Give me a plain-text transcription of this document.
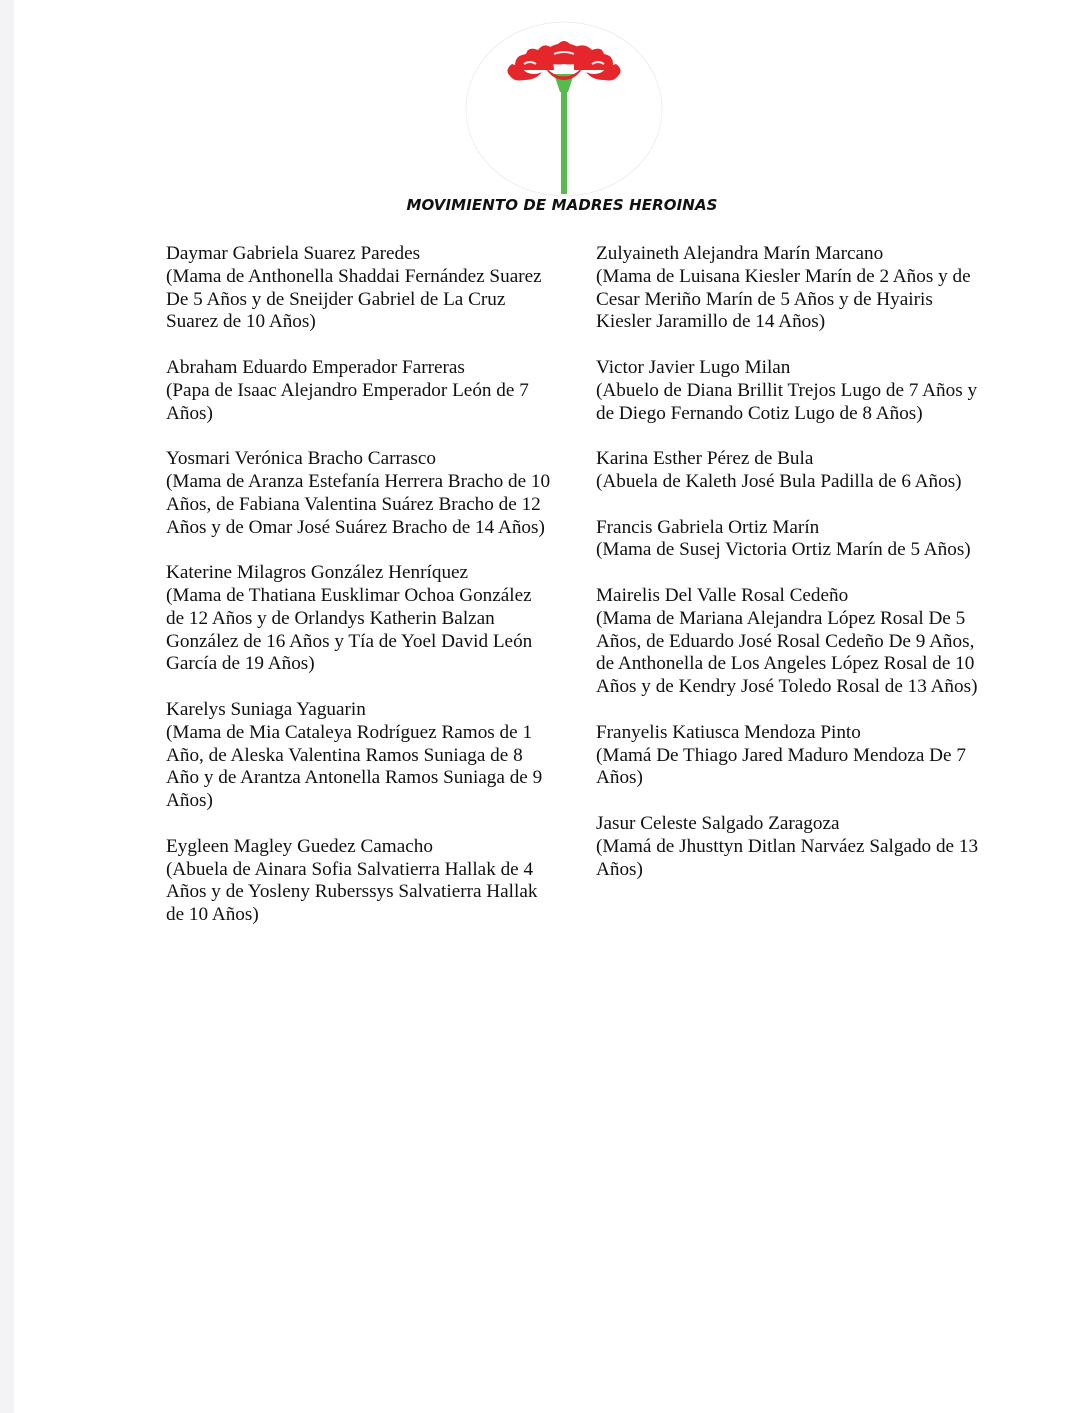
MOVIMIENTO DE MADRES HEROINAS
Daymar Gabriela Suarez Paredes
(Mama de Anthonella Shaddai Fernández Suarez De 5 Años y de Sneijder Gabriel de La Cruz Suarez de 10 Años)
Abraham Eduardo Emperador Farreras
(Papa de Isaac Alejandro Emperador León de 7 Años)
Yosmari Verónica Bracho Carrasco
(Mama de Aranza Estefanía Herrera Bracho de 10 Años, de Fabiana Valentina Suárez Bracho de 12 Años y de Omar José Suárez Bracho de 14 Años)
Katerine Milagros González Henríquez
(Mama de Thatiana Eusklimar Ochoa González de 12 Años y de Orlandys Katherin Balzan González de 16 Años y Tía de Yoel David León García de 19 Años)
Karelys Suniaga Yaguarin
(Mama de Mia Cataleya Rodríguez Ramos de 1 Año, de Aleska Valentina Ramos Suniaga de 8 Año y de Arantza Antonella Ramos Suniaga de 9 Años)
Eygleen Magley Guedez Camacho
(Abuela de Ainara Sofia Salvatierra Hallak de 4 Años y de Yosleny Ruberssys Salvatierra Hallak de 10 Años)
Zulyaineth Alejandra Marín Marcano
(Mama de Luisana Kiesler Marín de 2 Años y de Cesar Meriño Marín de 5 Años y de Hyairis Kiesler Jaramillo de 14 Años)
Victor Javier Lugo Milan
(Abuelo de Diana Brillit Trejos Lugo de 7 Años y de Diego Fernando Cotiz Lugo de 8 Años)
Karina Esther Pérez de Bula
(Abuela de Kaleth José Bula Padilla de 6 Años)
Francis Gabriela Ortiz Marín
(Mama de Susej Victoria Ortiz Marín de 5 Años)
Mairelis Del Valle Rosal Cedeño
(Mama de Mariana Alejandra López Rosal De 5 Años, de Eduardo José Rosal Cedeño De 9 Años, de Anthonella de Los Angeles López Rosal de 10 Años y de Kendry José Toledo Rosal de 13 Años)
Franyelis Katiusca Mendoza Pinto
(Mamá De Thiago Jared Maduro Mendoza De 7 Años)
Jasur Celeste Salgado Zaragoza
(Mamá de Jhusttyn Ditlan Narváez Salgado de 13 Años)
